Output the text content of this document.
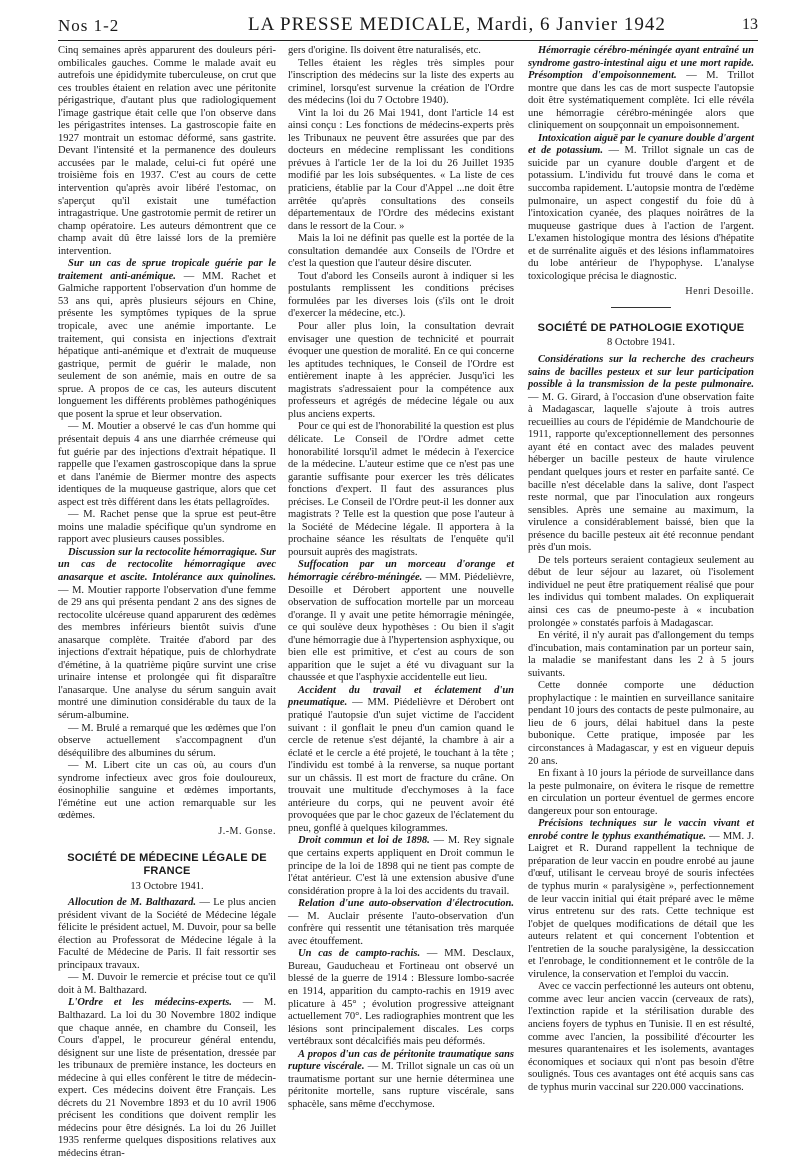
Nos 1-2	LA PRESSE MEDICALE, Mardi, 6 Janvier 1942	13

Cinq semaines après apparurent des douleurs péri-ombilicales gauches. Comme le malade avait eu autrefois une épididymite tuberculeuse, on crut que ces troubles étaient en relation avec une péritonite périgastrique, d'autant plus que radiologiquement l'image gastrique était celle que l'on observe dans les périgastrites intenses. La gastroscopie faite en 1927 montrait un estomac déformé, sans gastrite. Devant l'intensité et la permanence des douleurs accusées par le malade, celui-ci fut opéré une troisième fois en 1937. C'est au cours de cette intervention qu'après avoir libéré l'estomac, on s'aperçut qu'il existait une tuméfaction intragastrique. Une gastrotomie permit de retirer un champ opératoire. Les auteurs démontrent que ce champ avait dû être laissé lors de la première intervention.

Sur un cas de sprue tropicale guérie par le traitement anti-anémique. — MM. Rachet et Galmiche rapportent l'observation d'un homme de 53 ans qui, après plusieurs séjours en Chine, présente les symptômes typiques de la sprue tropicale, avec une anémie importante. Le traitement, qui consista en injections d'extrait hépatique anti-anémique et d'extrait de muqueuse gastrique, permit de guérir le malade, non seulement de son anémie, mais en outre de sa sprue. A propos de ce cas, les auteurs discutent longuement les différents problèmes pathogéniques que posent la sprue et leur observation.

— M. Moutier a observé le cas d'un homme qui présentait depuis 4 ans une diarrhée crémeuse qui fut guérie par des injections d'extrait hépatique. Il rappelle que l'examen gastroscopique dans la sprue et dans l'anémie de Biermer montre des aspects identiques de la muqueuse gastrique, alors que cet aspect est très différent dans les états pellagroïdes.

— M. Rachet pense que la sprue est peut-être moins une maladie spécifique qu'un syndrome en rapport avec plusieurs causes possibles.

Discussion sur la rectocolite hémorragique. Sur un cas de rectocolite hémorragique avec anasarque et ascite. Intolérance aux quinolines. — M. Moutier rapporte l'observation d'une femme de 29 ans qui présenta pendant 2 ans des signes de rectocolite ulcéreuse quand apparurent des œdèmes des membres inférieurs bientôt suivis d'une anasarque complète. Traitée d'abord par des injections d'extrait hépatique, puis de chlorhydrate d'émétine, à la quatrième piqûre survint une crise urinaire intense et prolongée qui fit disparaître l'anasarque. Une analyse du sérum sanguin avait montré une diminution considérable du taux de la sérum-albumine.

— M. Brulé a remarqué que les œdèmes que l'on observe actuellement s'accompagnent d'un déséquilibre des albumines du sérum.

— M. Libert cite un cas où, au cours d'un syndrome infectieux avec gros foie douloureux, éosinophilie sanguine et œdèmes importants, l'émétine eut une action remarquable sur les œdèmes.

J.-M. Gonse.
SOCIÉTÉ DE MÉDECINE LÉGALE DE FRANCE
13 Octobre 1941.

Allocution de M. Balthazard. — Le plus ancien président vivant de la Société de Médecine légale félicite le président actuel, M. Duvoir, pour sa belle élection au Professorat de Médecine légale à la Faculté de Médecine de Paris. Il fait ressortir ses principaux travaux.

— M. Duvoir le remercie et précise tout ce qu'il doit à M. Balthazard.

L'Ordre et les médecins-experts. — M. Balthazard. La loi du 30 Novembre 1802 indique que chaque année, en chambre du Conseil, les Cours d'appel, le procureur général entendu, désignent sur une liste de présentation, dressée par les tribunaux de première instance, les docteurs en médecine à qui elles confèrent le titre de médecin-expert. Ces médecins doivent être Français. Les décrets du 21 Novembre 1893 et du 10 avril 1906 précisent les conditions que doivent remplir les médecins pour être désignés. La loi du 26 Juillet 1935 renferme quelques dispositions relatives aux médecins étran-

gers d'origine. Ils doivent être naturalisés, etc.

Telles étaient les règles très simples pour l'inscription des médecins sur la liste des experts au criminel, lorsqu'est survenue la création de l'Ordre des médecins (loi du 7 Octobre 1940).

Vint la loi du 26 Mai 1941, dont l'article 14 est ainsi conçu : Les fonctions de médecins-experts près les Tribunaux ne peuvent être assurées que par des docteurs en médecine remplissant les conditions prévues à l'article 1er de la loi du 26 Juillet 1935 modifié par les lois subséquentes. « La liste de ces praticiens, établie par la Cour d'Appel ...ne doit être arrêtée qu'après consultations des conseils départementaux de l'Ordre des médecins existant dans le ressort de la Cour. »

Mais la loi ne définit pas quelle est la portée de la consultation demandée aux Conseils de l'Ordre et c'est la question que l'auteur désire discuter.

Tout d'abord les Conseils auront à indiquer si les postulants remplissent les conditions précises formulées par les diverses lois (s'ils ont le droit d'exercer la médecine, etc.).

Pour aller plus loin, la consultation devrait envisager une question de technicité et pourrait évoquer une question de moralité. En ce qui concerne les aptitudes techniques, le Conseil de l'Ordre est entièrement inapte à les apprécier. Jusqu'ici les magistrats s'adressaient pour la compétence aux professeurs et agrégés de médecine légale ou aux plus anciens experts.

Pour ce qui est de l'honorabilité la question est plus délicate. Le Conseil de l'Ordre admet cette honorabilité lorsqu'il admet le médecin à l'exercice de la médecine. L'auteur estime que ce n'est pas une garantie suffisante pour exercer les très délicates fonctions d'expert. Il faut des assurances plus précises. Le Conseil de l'Ordre peut-il les donner aux magistrats ? Telle est la question que pose l'auteur à la Société de Médecine légale. Il apportera à la prochaine séance les résultats de l'enquête qu'il poursuit auprès des magistrats.

Suffocation par un morceau d'orange et hémorragie cérébro-méningée. — MM. Piédelièvre, Desoille et Dérobert apportent une nouvelle observation de suffocation mortelle par un morceau d'orange. Il y avait une petite hémorragie méningée, ce qui soulève deux hypothèses : Ou bien il s'agit d'une hémorragie due à l'hypertension asphyxique, ou bien elle est primitive, et c'est au cours de son apparition que le sujet a été vu divaguant sur la chaussée et que l'asphyxie accidentelle eut lieu.

Accident du travail et éclatement d'un pneumatique. — MM. Piédelièvre et Dérobert ont pratiqué l'autopsie d'un sujet victime de l'accident suivant : il gonflait le pneu d'un camion quand le cercle de retenue s'est déjanté, la chambre à air a éclaté et le cercle a été projeté, le touchant à la tête ; l'individu est tombé à la renverse, sa nuque portant sur un châssis. Il est mort de fracture du crâne. On trouvait une multitude d'ecchymoses à la face antérieure du corps, qui ne peuvent avoir été provoquées que par le choc gazeux de l'éclatement du pneu, gonflé à quelques kilogrammes.

Droit commun et loi de 1898. — M. Rey signale que certains experts appliquent en Droit commun le principe de la loi de 1898 qui ne tient pas compte de l'état antérieur. C'est là une extension abusive d'une considération propre à la loi des accidents du travail.

Relation d'une auto-observation d'électrocution. — M. Auclair présente l'auto-observation d'un confrère qui ressentit une tétanisation très marquée avec étouffement.

Un cas de campto-rachis. — MM. Desclaux, Bureau, Gauducheau et Fortineau ont observé un blessé de la guerre de 1914 : Blessure lombo-sacrée en 1914, apparition du campto-rachis en 1919 avec plicature à 45° ; évolution progressive atteignant actuellement 70°. Les radiographies montrent que les lésions sont principalement discales. Les corps vertébraux sont décalcifiés mais peu déformés.

A propos d'un cas de péritonite traumatique sans rupture viscérale. — M. Trillot signale un cas où un traumatisme portant sur une hernie déterminea une péritonite mortelle, sans rupture viscérale, sans sphacèle, sans même d'ecchymose.

Hémorragie cérébro-méningée ayant entraîné un syndrome gastro-intestinal aigu et une mort rapide. Présomption d'empoisonnement. — M. Trillot montre que dans les cas de mort suspecte l'autopsie doit être systématiquement complète. Ici elle révéla une hémorragie cérébro-méningée alors que cliniquement on soupçonnait un empoisonnement.

Intoxication aiguë par le cyanure double d'argent et de potassium. — M. Trillot signale un cas de suicide par un cyanure double d'argent et de potassium. L'individu fut trouvé dans le coma et succomba rapidement. L'autopsie montra de l'œdème pulmonaire, un aspect congestif du foie dû à l'intoxication cyanée, des plaques noirâtres de la muqueuse gastrique dues à l'action de l'argent. L'examen histologique montra des lésions d'hépatite et de surrénalite aiguës et des lésions inflammatoires du lobe antérieur de l'hypophyse. L'analyse toxicologique précisa le diagnostic.

Henri Desoille.
SOCIÉTÉ DE PATHOLOGIE EXOTIQUE
8 Octobre 1941.

Considérations sur la recherche des cracheurs sains de bacilles pesteux et sur leur participation possible à la transmission de la peste pulmonaire. — M. G. Girard, à l'occasion d'une observation faite à Madagascar, laquelle s'ajoute à trois autres recueillies au cours de l'épidémie de Mandchourie de 1911, rapporte qu'exceptionnellement des personnes ayant été en contact avec des malades peuvent héberger un bacille pesteux de haute virulence pendant quelques jours et rester en parfaite santé. Ce bacille n'est décelable dans la salive, dont l'aspect reste normal, que par l'inoculation aux rongeurs sensibles. Après une semaine au maximum, la virulence a considérablement baissé, bien que la présence du bacille pesteux ait été reconnue pendant près d'un mois.

De tels porteurs seraient contagieux seulement au début de leur séjour au lazaret, où l'isolement individuel ne peut être pratiquement réalisé que pour les individus qui tombent malades. On expliquerait ainsi ces cas de pneumo-peste à « incubation prolongée » constatés parfois à Madagascar.

En vérité, il n'y aurait pas d'allongement du temps d'incubation, mais contamination par un porteur sain, la maladie se manifestant dans les 2 à 5 jours suivants.

Cette donnée comporte une déduction prophylactique : le maintien en surveillance sanitaire pendant 10 jours des contacts de peste pulmonaire, au lieu de 6 jours, délai habituel dans la peste bubonique. Cette pratique, imposée par les circonstances à Madagascar, y est en vigueur depuis 20 ans.

En fixant à 10 jours la période de surveillance dans la peste pulmonaire, on évitera le risque de remettre en circulation un porteur éventuel de germes encore dangereux pour son entourage.

Précisions techniques sur le vaccin vivant et enrobé contre le typhus exanthématique. — MM. J. Laigret et R. Durand rappellent la technique de préparation de leur vaccin en poudre enrobé au jaune d'œuf, utilisant le cerveau broyé de souris infectées de typhus murin « paralysigène », perfectionnement de leur vaccin initial qui était préparé avec le même virus entretenu sur des rats. Cette technique est l'objet de quelques modifications de détail que les auteurs relatent et qui concernent l'obtention et l'entretien de la souche paralysigène, la dessiccation et l'enrobage, le conditionnement et le contrôle de la virulence, la conservation et l'emploi du vaccin.

Avec ce vaccin perfectionné les auteurs ont obtenu, comme avec leur ancien vaccin (cerveaux de rats), l'extinction rapide et la stérilisation durable des anciens foyers de typhus en Tunisie. Il en est résulté, comme avec l'ancien, la possibilité d'écourter les mesures quarantenaires et les isolements, avantages économiques et sociaux qui n'ont pas besoin d'être soulignés. Tous ces avantages ont été acquis sans cas de typhus murin vaccinal sur 220.000 vaccinations.
